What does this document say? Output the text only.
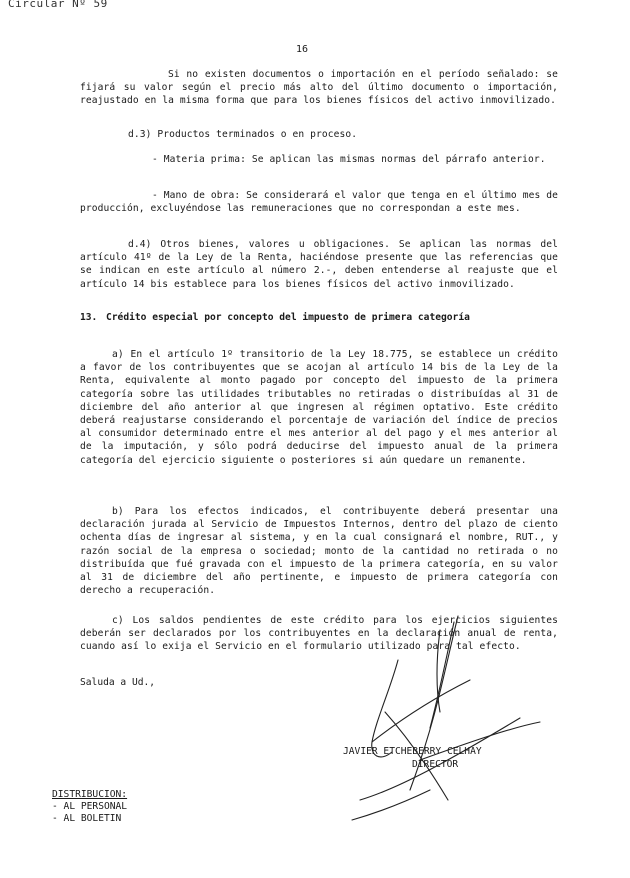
Circular Nº 59
16

Si no existen documentos o importación en el período señalado: se fijará su valor según el precio más alto del último documento o importación, reajustado en la misma forma que para los bienes físicos del activo inmovilizado.

d.3) Productos terminados o en proceso.

- Materia prima: Se aplican las mismas normas del párrafo anterior.

- Mano de obra: Se considerará el valor que tenga en el último mes de producción, excluyéndose las remuneraciones que no correspondan a este mes.

d.4) Otros bienes, valores u obligaciones. Se aplican las normas del artículo 41º de la Ley de la Renta, haciéndose presente que las referencias que se indican en este artículo al número 2.-, deben entenderse al reajuste que el artículo 14 bis establece para los bienes físicos del activo inmovilizado.

13. Crédito especial por concepto del impuesto de primera categoría

a) En el artículo 1º transitorio de la Ley 18.775, se establece un crédito a favor de los contribuyentes que se acojan al artículo 14 bis de la Ley de la Renta, equivalente al monto pagado por concepto del impuesto de la primera categoría sobre las utilidades tributables no retiradas o distribuídas al 31 de diciembre del año anterior al que ingresen al régimen optativo. Este crédito deberá reajustarse considerando el porcentaje de variación del índice de precios al consumidor determinado entre el mes anterior al del pago y el mes anterior al de la imputación, y sólo podrá deducirse del impuesto anual de la primera categoría del ejercicio siguiente o posteriores si aún quedare un remanente.

b) Para los efectos indicados, el contribuyente deberá presentar una declaración jurada al Servicio de Impuestos Internos, dentro del plazo de ciento ochenta días de ingresar al sistema, y en la cual consignará el nombre, RUT., y razón social de la empresa o sociedad; monto de la cantidad no retirada o no distribuída que fué gravada con el impuesto de la primera categoría, en su valor al 31 de diciembre del año pertinente, e impuesto de primera categoría con derecho a recuperación.

c) Los saldos pendientes de este crédito para los ejercicios siguientes deberán ser declarados por los contribuyentes en la declaración anual de renta, cuando así lo exija el Servicio en el formulario utilizado para tal efecto.

Saluda a Ud.,
JAVIER ETCHEBERRY CELHAY
DIRECTOR
DISTRIBUCION:
- AL PERSONAL
- AL BOLETIN
